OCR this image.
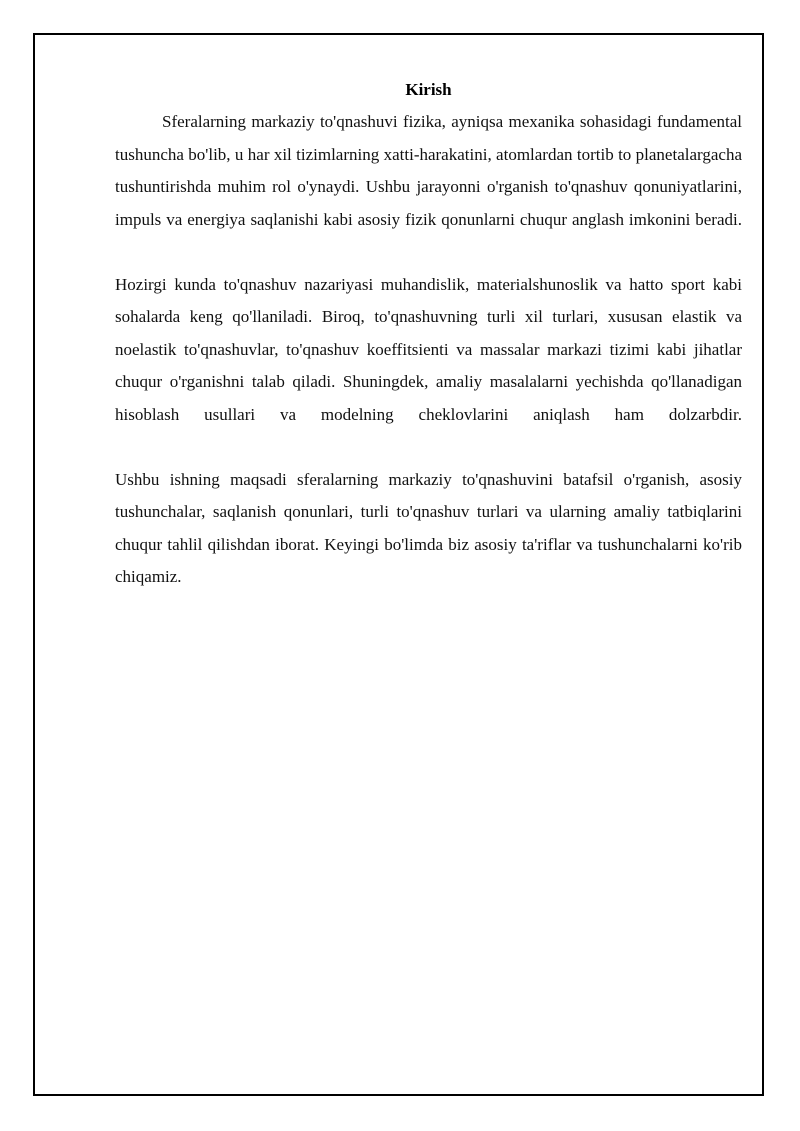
Kirish

Sferalarning markaziy to'qnashuvi fizika, ayniqsa mexanika sohasidagi fundamental tushuncha bo'lib, u har xil tizimlarning xatti-harakatini, atomlardan tortib to planetalargacha tushuntirishda muhim rol o'ynaydi. Ushbu jarayonni o'rganish to'qnashuv qonuniyatlarini, impuls va energiya saqlanishi kabi asosiy fizik qonunlarni chuqur anglash imkonini beradi.

Hozirgi kunda to'qnashuv nazariyasi muhandislik, materialshunoslik va hatto sport kabi sohalarda keng qo'llaniladi. Biroq, to'qnashuvning turli xil turlari, xususan elastik va noelastik to'qnashuvlar, to'qnashuv koeffitsienti va massalar markazi tizimi kabi jihatlar chuqur o'rganishni talab qiladi. Shuningdek, amaliy masalalarni yechishda qo'llanadigan hisoblash usullari va modelning cheklovlarini aniqlash ham dolzarbdir.

Ushbu ishning maqsadi sferalarning markaziy to'qnashuvini batafsil o'rganish, asosiy tushunchalar, saqlanish qonunlari, turli to'qnashuv turlari va ularning amaliy tatbiqlarini chuqur tahlil qilishdan iborat. Keyingi bo'limda biz asosiy ta'riflar va tushunchalarni ko'rib chiqamiz.
